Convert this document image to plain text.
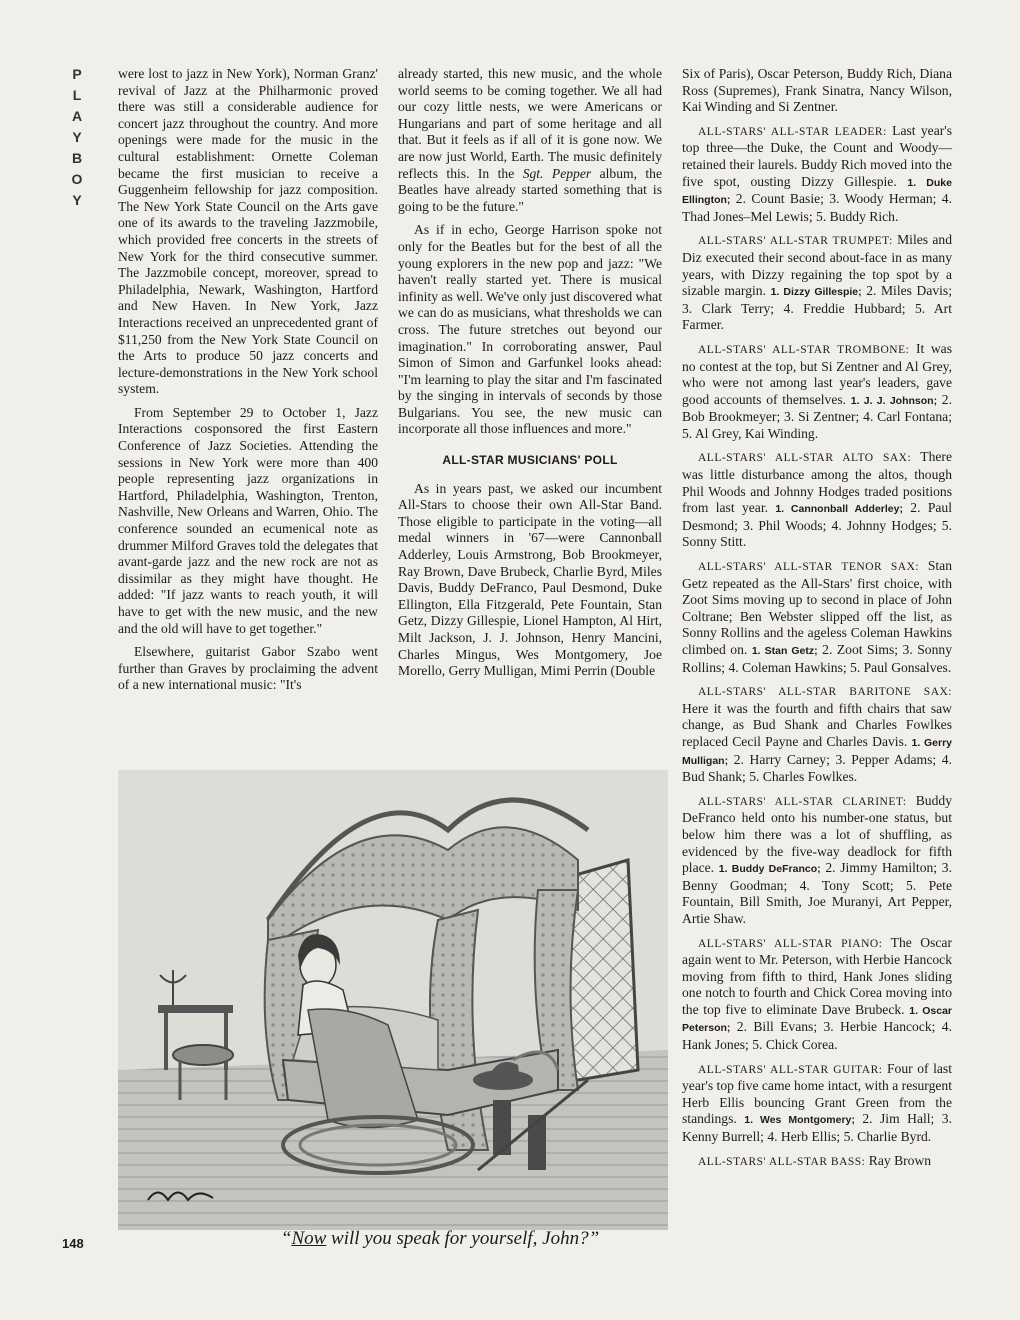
P
L
A
Y
B
O
Y

were lost to jazz in New York), Norman Granz' revival of Jazz at the Philharmonic proved there was still a considerable audience for concert jazz throughout the country. And more openings were made for the music in the cultural establishment: Ornette Coleman became the first musician to receive a Guggenheim fellowship for jazz composition. The New York State Council on the Arts gave one of its awards to the traveling Jazzmobile, which provided free concerts in the streets of New York for the third consecutive summer. The Jazzmobile concept, moreover, spread to Philadelphia, Newark, Washington, Hartford and New Haven. In New York, Jazz Interactions received an unprecedented grant of $11,250 from the New York State Council on the Arts to produce 50 jazz concerts and lecture-demonstrations in the New York school system.

From September 29 to October 1, Jazz Interactions cosponsored the first Eastern Conference of Jazz Societies. Attending the sessions in New York were more than 400 people representing jazz organizations in Hartford, Philadelphia, Washington, Trenton, Nashville, New Orleans and Warren, Ohio. The conference sounded an ecumenical note as drummer Milford Graves told the delegates that avant-garde jazz and the new rock are not as dissimilar as they might have thought. He added: "If jazz wants to reach youth, it will have to get with the new music, and the new and the old will have to get together."

Elsewhere, guitarist Gabor Szabo went further than Graves by proclaiming the advent of a new international music: "It's

already started, this new music, and the whole world seems to be coming together. We all had our cozy little nests, we were Americans or Hungarians and part of some heritage and all that. But it feels as if all of it is gone now. We are now just World, Earth. The music definitely reflects this. In the Sgt. Pepper album, the Beatles have already started something that is going to be the future."

As if in echo, George Harrison spoke not only for the Beatles but for the best of all the young explorers in the new pop and jazz: "We haven't really started yet. There is musical infinity as well. We've only just discovered what we can do as musicians, what thresholds we can cross. The future stretches out beyond our imagination." In corroborating answer, Paul Simon of Simon and Garfunkel looks ahead: "I'm learning to play the sitar and I'm fascinated by the singing in intervals of seconds by those Bulgarians. You see, the new music can incorporate all those influences and more."

ALL-STAR MUSICIANS' POLL

As in years past, we asked our incumbent All-Stars to choose their own All-Star Band. Those eligible to participate in the voting—all medal winners in '67—were Cannonball Adderley, Louis Armstrong, Bob Brookmeyer, Ray Brown, Dave Brubeck, Charlie Byrd, Miles Davis, Buddy DeFranco, Paul Desmond, Duke Ellington, Ella Fitzgerald, Pete Fountain, Stan Getz, Dizzy Gillespie, Lionel Hampton, Al Hirt, Milt Jackson, J. J. Johnson, Henry Mancini, Charles Mingus, Wes Montgomery, Joe Morello, Gerry Mulligan, Mimi Perrin (Double

Six of Paris), Oscar Peterson, Buddy Rich, Diana Ross (Supremes), Frank Sinatra, Nancy Wilson, Kai Winding and Si Zentner.

ALL-STARS' ALL-STAR LEADER: Last year's top three—the Duke, the Count and Woody—retained their laurels. Buddy Rich moved into the five spot, ousting Dizzy Gillespie. 1. Duke Ellington; 2. Count Basie; 3. Woody Herman; 4. Thad Jones–Mel Lewis; 5. Buddy Rich.

ALL-STARS' ALL-STAR TRUMPET: Miles and Diz executed their second about-face in as many years, with Dizzy regaining the top spot by a sizable margin. 1. Dizzy Gillespie; 2. Miles Davis; 3. Clark Terry; 4. Freddie Hubbard; 5. Art Farmer.

ALL-STARS' ALL-STAR TROMBONE: It was no contest at the top, but Si Zentner and Al Grey, who were not among last year's leaders, gave good accounts of themselves. 1. J. J. Johnson; 2. Bob Brookmeyer; 3. Si Zentner; 4. Carl Fontana; 5. Al Grey, Kai Winding.

ALL-STARS' ALL-STAR ALTO SAX: There was little disturbance among the altos, though Phil Woods and Johnny Hodges traded positions from last year. 1. Cannonball Adderley; 2. Paul Desmond; 3. Phil Woods; 4. Johnny Hodges; 5. Sonny Stitt.

ALL-STARS' ALL-STAR TENOR SAX: Stan Getz repeated as the All-Stars' first choice, with Zoot Sims moving up to second in place of John Coltrane; Ben Webster slipped off the list, as Sonny Rollins and the ageless Coleman Hawkins climbed on. 1. Stan Getz; 2. Zoot Sims; 3. Sonny Rollins; 4. Coleman Hawkins; 5. Paul Gonsalves.

ALL-STARS' ALL-STAR BARITONE SAX: Here it was the fourth and fifth chairs that saw change, as Bud Shank and Charles Fowlkes replaced Cecil Payne and Charles Davis. 1. Gerry Mulligan; 2. Harry Carney; 3. Pepper Adams; 4. Bud Shank; 5. Charles Fowlkes.

ALL-STARS' ALL-STAR CLARINET: Buddy DeFranco held onto his number-one status, but below him there was a lot of shuffling, as evidenced by the five-way deadlock for fifth place. 1. Buddy DeFranco; 2. Jimmy Hamilton; 3. Benny Goodman; 4. Tony Scott; 5. Pete Fountain, Bill Smith, Joe Muranyi, Art Pepper, Artie Shaw.

ALL-STARS' ALL-STAR PIANO: The Oscar again went to Mr. Peterson, with Herbie Hancock moving from fifth to third, Hank Jones sliding one notch to fourth and Chick Corea moving into the top five to eliminate Dave Brubeck. 1. Oscar Peterson; 2. Bill Evans; 3. Herbie Hancock; 4. Hank Jones; 5. Chick Corea.

ALL-STARS' ALL-STAR GUITAR: Four of last year's top five came home intact, with a resurgent Herb Ellis bouncing Grant Green from the standings. 1. Wes Montgomery; 2. Jim Hall; 3. Kenny Burrell; 4. Herb Ellis; 5. Charlie Byrd.

ALL-STARS' ALL-STAR BASS: Ray Brown

“Now will you speak for yourself, John?”
148
